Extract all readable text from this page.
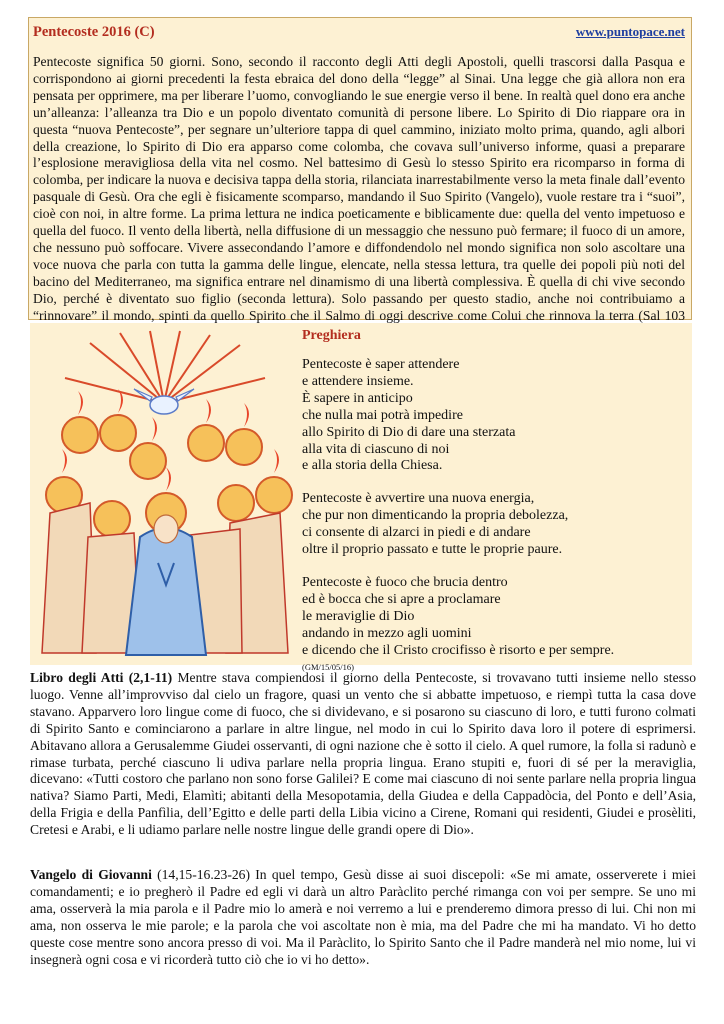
Pentecoste 2016 (C)	www.puntopace.net

Pentecoste significa 50 giorni. Sono, secondo il racconto degli Atti degli Apostoli, quelli trascorsi dalla Pasqua e corrispondono ai giorni precedenti la festa ebraica del dono della “legge” al Sinai. Una legge che già allora non era pensata per opprimere, ma per liberare l’uomo, convogliando le sue energie verso il bene. In realtà quel dono era anche un’alleanza: l’alleanza tra Dio e un popolo diventato comunità di persone libere. Lo Spirito di Dio riappare ora in questa “nuova Pentecoste”, per segnare un’ulteriore tappa di quel cammino, iniziato molto prima, quando, agli albori della creazione, lo Spirito di Dio era apparso come colomba, che covava sull’universo informe, quasi a preparare l’esplosione meravigliosa della vita nel cosmo. Nel battesimo di Gesù lo stesso Spirito era ricomparso in forma di colomba, per indicare la nuova e decisiva tappa della storia, rilanciata inarrestabilmente verso la meta finale dall’evento pasquale di Gesù. Ora che egli è fisicamente scomparso, mandando il Suo Spirito (Vangelo), vuole restare tra i “suoi”, cioè con noi, in altre forme. La prima lettura ne indica poeticamente e biblicamente due: quella del vento impetuoso e quella del fuoco. Il vento della libertà, nella diffusione di un messaggio che nessuno può fermare; il fuoco di un amore, che nessuno può soffocare. Vivere assecondando l’amore e diffondendolo nel mondo significa non solo ascoltare una voce nuova che parla con tutta la gamma delle lingue, elencate, nella stessa lettura, tra quelle dei popoli più noti del bacino del Mediterraneo, ma significa entrare nel dinamismo di una libertà complessiva. È quella di chi vive secondo Dio, perché è diventato suo figlio (seconda lettura). Solo passando per questo stadio, anche noi contribuiamo a “rinnovare” il mondo, spinti da quello Spirito che il Salmo di oggi descrive come Colui che rinnova la terra (Sal 103

Preghiera
Pentecoste è saper attendere
e attendere insieme.
È sapere in anticipo
che nulla mai potrà impedire
allo Spirito di Dio di dare una sterzata
alla vita di ciascuno di noi
e alla storia della Chiesa.
Pentecoste è avvertire una nuova energia,
che pur non dimenticando la propria debolezza,
ci consente di alzarci in piedi e di andare
oltre il proprio passato e tutte le proprie paure.
Pentecoste è fuoco che brucia dentro
ed è bocca che si apre a proclamare
le meraviglie di Dio
andando in mezzo agli uomini
e dicendo che il Cristo crocifisso è risorto e per sempre.
(GM/15/05/16)

Libro degli Atti (2,1-11) Mentre stava compiendosi il giorno della Pentecoste, si trovavano tutti insieme nello stesso luogo. Venne all’improvviso dal cielo un fragore, quasi un vento che si abbatte impetuoso, e riempì tutta la casa dove stavano. Apparvero loro lingue come di fuoco, che si dividevano, e si posarono su ciascuno di loro, e tutti furono colmati di Spirito Santo e cominciarono a parlare in altre lingue, nel modo in cui lo Spirito dava loro il potere di esprimersi. Abitavano allora a Gerusalemme Giudei osservanti, di ogni nazione che è sotto il cielo. A quel rumore, la folla si radunò e rimase turbata, perché ciascuno li udiva parlare nella propria lingua. Erano stupiti e, fuori di sé per la meraviglia, dicevano: «Tutti costoro che parlano non sono forse Galilei? E come mai ciascuno di noi sente parlare nella propria lingua nativa? Siamo Parti, Medi, Elamìti; abitanti della Mesopotamia, della Giudea e della Cappadòcia, del Ponto e dell’Asia, della Frigia e della Panfìlia, dell’Egitto e delle parti della Libia vicino a Cirene, Romani qui residenti, Giudei e prosèliti, Cretesi e Arabi, e li udiamo parlare nelle nostre lingue delle grandi opere di Dio».

Vangelo di Giovanni (14,15-16.23-26) In quel tempo, Gesù disse ai suoi discepoli: «Se mi amate, osserverete i miei comandamenti; e io pregherò il Padre ed egli vi darà un altro Paràclito perché rimanga con voi per sempre. Se uno mi ama, osserverà la mia parola e il Padre mio lo amerà e noi verremo a lui e prenderemo dimora presso di lui. Chi non mi ama, non osserva le mie parole; e la parola che voi ascoltate non è mia, ma del Padre che mi ha mandato. Vi ho detto queste cose mentre sono ancora presso di voi. Ma il Paràclito, lo Spirito Santo che il Padre manderà nel mio nome, lui vi insegnerà ogni cosa e vi ricorderà tutto ciò che io vi ho detto».
